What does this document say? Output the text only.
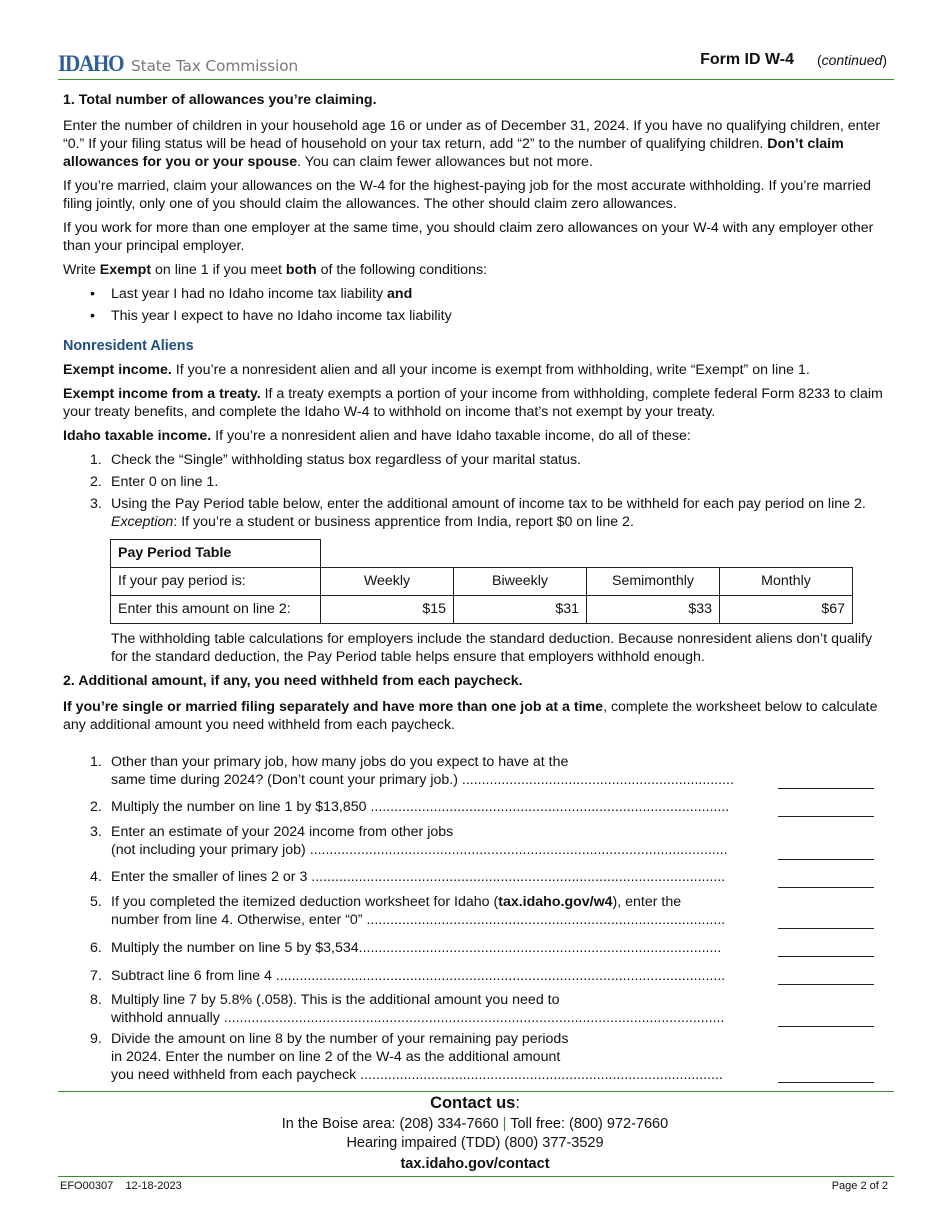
IDAHO State Tax Commission	Form ID W-4 (continued)

1. Total number of allowances you’re claiming.

Enter the number of children in your household age 16 or under as of December 31, 2024. If you have no qualifying children, enter “0.” If your filing status will be head of household on your tax return, add “2” to the number of qualifying children. Don’t claim allowances for you or your spouse. You can claim fewer allowances but not more.

If you’re married, claim your allowances on the W-4 for the highest-paying job for the most accurate withholding. If you’re married filing jointly, only one of you should claim the allowances. The other should claim zero allowances.

If you work for more than one employer at the same time, you should claim zero allowances on your W-4 with any employer other than your principal employer.

Write Exempt on line 1 if you meet both of the following conditions:

• Last year I had no Idaho income tax liability and
• This year I expect to have no Idaho income tax liability

Nonresident Aliens

Exempt income. If you’re a nonresident alien and all your income is exempt from withholding, write “Exempt” on line 1.

Exempt income from a treaty. If a treaty exempts a portion of your income from withholding, complete federal Form 8233 to claim your treaty benefits, and complete the Idaho W-4 to withhold on income that’s not exempt by your treaty.

Idaho taxable income. If you’re a nonresident alien and have Idaho taxable income, do all of these:

1. Check the “Single” withholding status box regardless of your marital status.
2. Enter 0 on line 1.
3. Using the Pay Period table below, enter the additional amount of income tax to be withheld for each pay period on line 2. Exception: If you’re a student or business apprentice from India, report $0 on line 2.
Pay Period Table				
If your pay period is:	Weekly	Biweekly	Semimonthly	Monthly
Enter this amount on line 2:	$15	$31	$33	$67

The withholding table calculations for employers include the standard deduction. Because nonresident aliens don’t qualify for the standard deduction, the Pay Period table helps ensure that employers withhold enough.

2. Additional amount, if any, you need withheld from each paycheck.

If you’re single or married filing separately and have more than one job at a time, complete the worksheet below to calculate any additional amount you need withheld from each paycheck.

1. Other than your primary job, how many jobs do you expect to have at the
same time during 2024? (Don’t count your primary job.) .....................................................................
2. Multiply the number on line 1 by $13,850 ...........................................................................................
3. Enter an estimate of your 2024 income from other jobs
(not including your primary job) ..........................................................................................................
4. Enter the smaller of lines 2 or 3 .........................................................................................................
5. If you completed the itemized deduction worksheet for Idaho (tax.idaho.gov/w4), enter the
number from line 4. Otherwise, enter “0” ...........................................................................................
6. Multiply the number on line 5 by $3,534............................................................................................
7. Subtract line 6 from line 4 ..................................................................................................................
8. Multiply line 7 by 5.8% (.058). This is the additional amount you need to
withhold annually ...............................................................................................................................
9. Divide the amount on line 8 by the number of your remaining pay periods
in 2024. Enter the number on line 2 of the W-4 as the additional amount
you need withheld from each paycheck ............................................................................................
Contact us:
In the Boise area: (208) 334-7660 | Toll free: (800) 972-7660
Hearing impaired (TDD) (800) 377-3529
tax.idaho.gov/contact
EFO00307 12-18-2023	Page 2 of 2
